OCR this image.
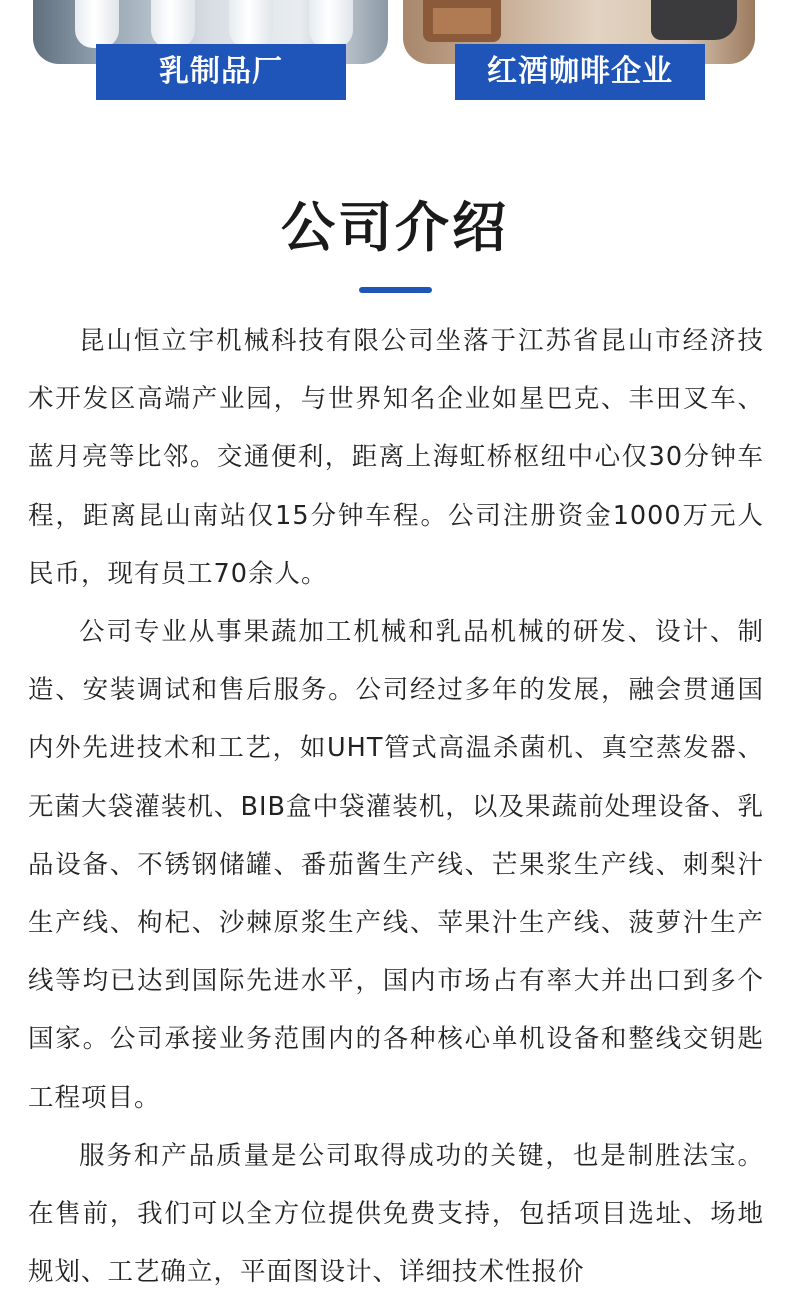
乳制品厂	红酒咖啡企业
公司介绍

昆山恒立宇机械科技有限公司坐落于江苏省昆山市经济技术开发区高端产业园，与世界知名企业如星巴克、丰田叉车、蓝月亮等比邻。交通便利，距离上海虹桥枢纽中心仅30分钟车程，距离昆山南站仅15分钟车程。公司注册资金1000万元人民币，现有员工70余人。

公司专业从事果蔬加工机械和乳品机械的研发、设计、制造、安装调试和售后服务。公司经过多年的发展，融会贯通国内外先进技术和工艺，如UHT管式高温杀菌机、真空蒸发器、无菌大袋灌装机、BIB盒中袋灌装机，以及果蔬前处理设备、乳品设备、不锈钢储罐、番茄酱生产线、芒果浆生产线、刺梨汁生产线、枸杞、沙棘原浆生产线、苹果汁生产线、菠萝汁生产线等均已达到国际先进水平，国内市场占有率大并出口到多个国家。公司承接业务范围内的各种核心单机设备和整线交钥匙工程项目。

服务和产品质量是公司取得成功的关键，也是制胜法宝。在售前，我们可以全方位提供免费支持，包括项目选址、场地规划、工艺确立，平面图设计、详细技术性报价
